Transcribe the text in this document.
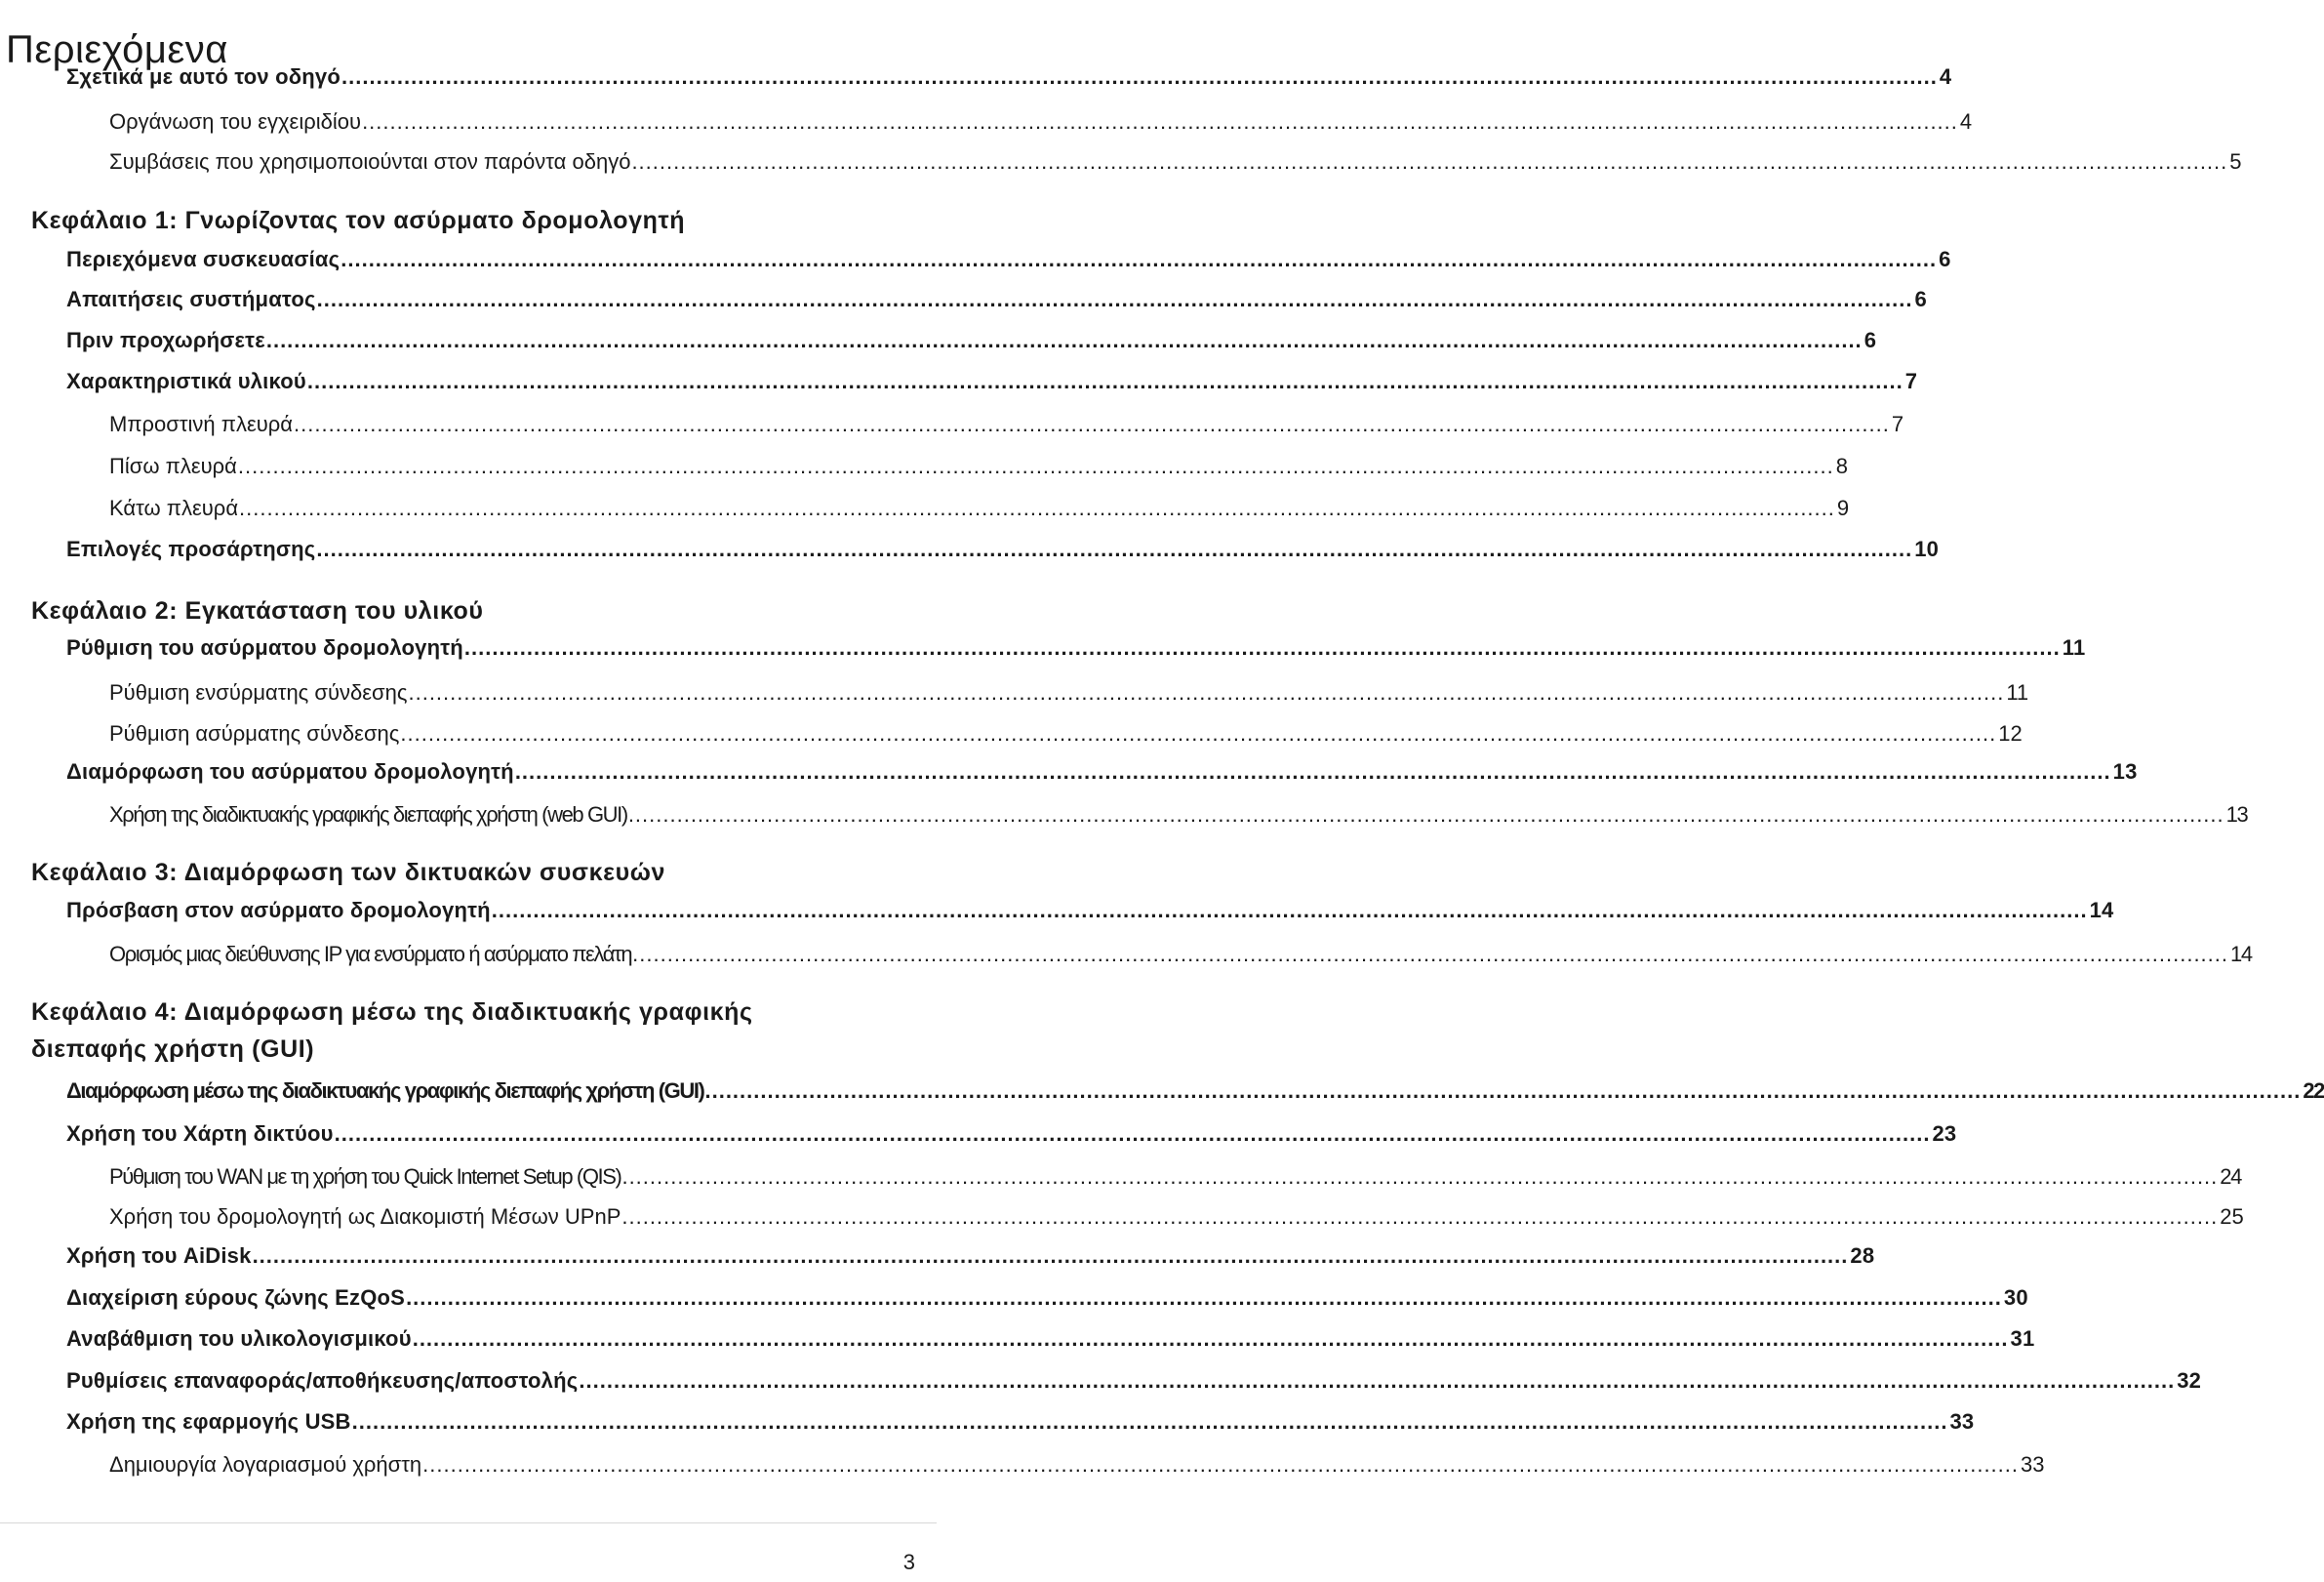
Περιεχόμενα
Σχετικά με αυτό τον οδηγό ...................................................................................................................................................................................................................................... 4
Οργάνωση του εγχειριδίου ...................................................................................................................................................................................................................................... 4
Συμβάσεις που χρησιμοποιούνται στον παρόντα οδηγό ...................................................................................................................................................................................................................................... 5
Κεφάλαιο 1: Γνωρίζοντας τον ασύρματο δρομολογητή
Περιεχόμενα συσκευασίας ...................................................................................................................................................................................................................................... 6
Απαιτήσεις συστήματος ...................................................................................................................................................................................................................................... 6
Πριν προχωρήσετε ...................................................................................................................................................................................................................................... 6
Χαρακτηριστικά υλικού ...................................................................................................................................................................................................................................... 7
Μπροστινή πλευρά ...................................................................................................................................................................................................................................... 7
Πίσω πλευρά ...................................................................................................................................................................................................................................... 8
Κάτω πλευρά ...................................................................................................................................................................................................................................... 9
Επιλογές προσάρτησης ...................................................................................................................................................................................................................................... 10
Κεφάλαιο 2: Εγκατάσταση του υλικού
Ρύθμιση του ασύρματου δρομολογητή ...................................................................................................................................................................................................................................... 11
Ρύθμιση ενσύρματης σύνδεσης ...................................................................................................................................................................................................................................... 11
Ρύθμιση ασύρματης σύνδεσης ...................................................................................................................................................................................................................................... 12
Διαμόρφωση του ασύρματου δρομολογητή ...................................................................................................................................................................................................................................... 13
Χρήση της διαδικτυακής γραφικής διεπαφής χρήστη (web GUI) ...................................................................................................................................................................................................................................... 13
Κεφάλαιο 3: Διαμόρφωση των δικτυακών συσκευών
Πρόσβαση στον ασύρματο δρομολογητή ...................................................................................................................................................................................................................................... 14
Ορισμός μιας διεύθυνσης IP για ενσύρματο ή ασύρματο πελάτη ...................................................................................................................................................................................................................................... 14
Κεφάλαιο 4: Διαμόρφωση μέσω της διαδικτυακής γραφικής
διεπαφής χρήστη (GUI)
Διαμόρφωση μέσω της διαδικτυακής γραφικής διεπαφής χρήστη (GUI) ...................................................................................................................................................................................................................................... 22
Χρήση του Χάρτη δικτύου ...................................................................................................................................................................................................................................... 23
Ρύθμιση του WAN με τη χρήση του Quick Internet Setup (QIS) ...................................................................................................................................................................................................................................... 24
Χρήση του δρομολογητή ως Διακομιστή Μέσων UPnP ...................................................................................................................................................................................................................................... 25
Χρήση του AiDisk ...................................................................................................................................................................................................................................... 28
Διαχείριση εύρους ζώνης EzQoS ...................................................................................................................................................................................................................................... 30
Αναβάθμιση του υλικολογισμικού ...................................................................................................................................................................................................................................... 31
Ρυθμίσεις επαναφοράς/αποθήκευσης/αποστολής ...................................................................................................................................................................................................................................... 32
Χρήση της εφαρμογής USB ...................................................................................................................................................................................................................................... 33
Δημιουργία λογαριασμού χρήστη ...................................................................................................................................................................................................................................... 33
3
